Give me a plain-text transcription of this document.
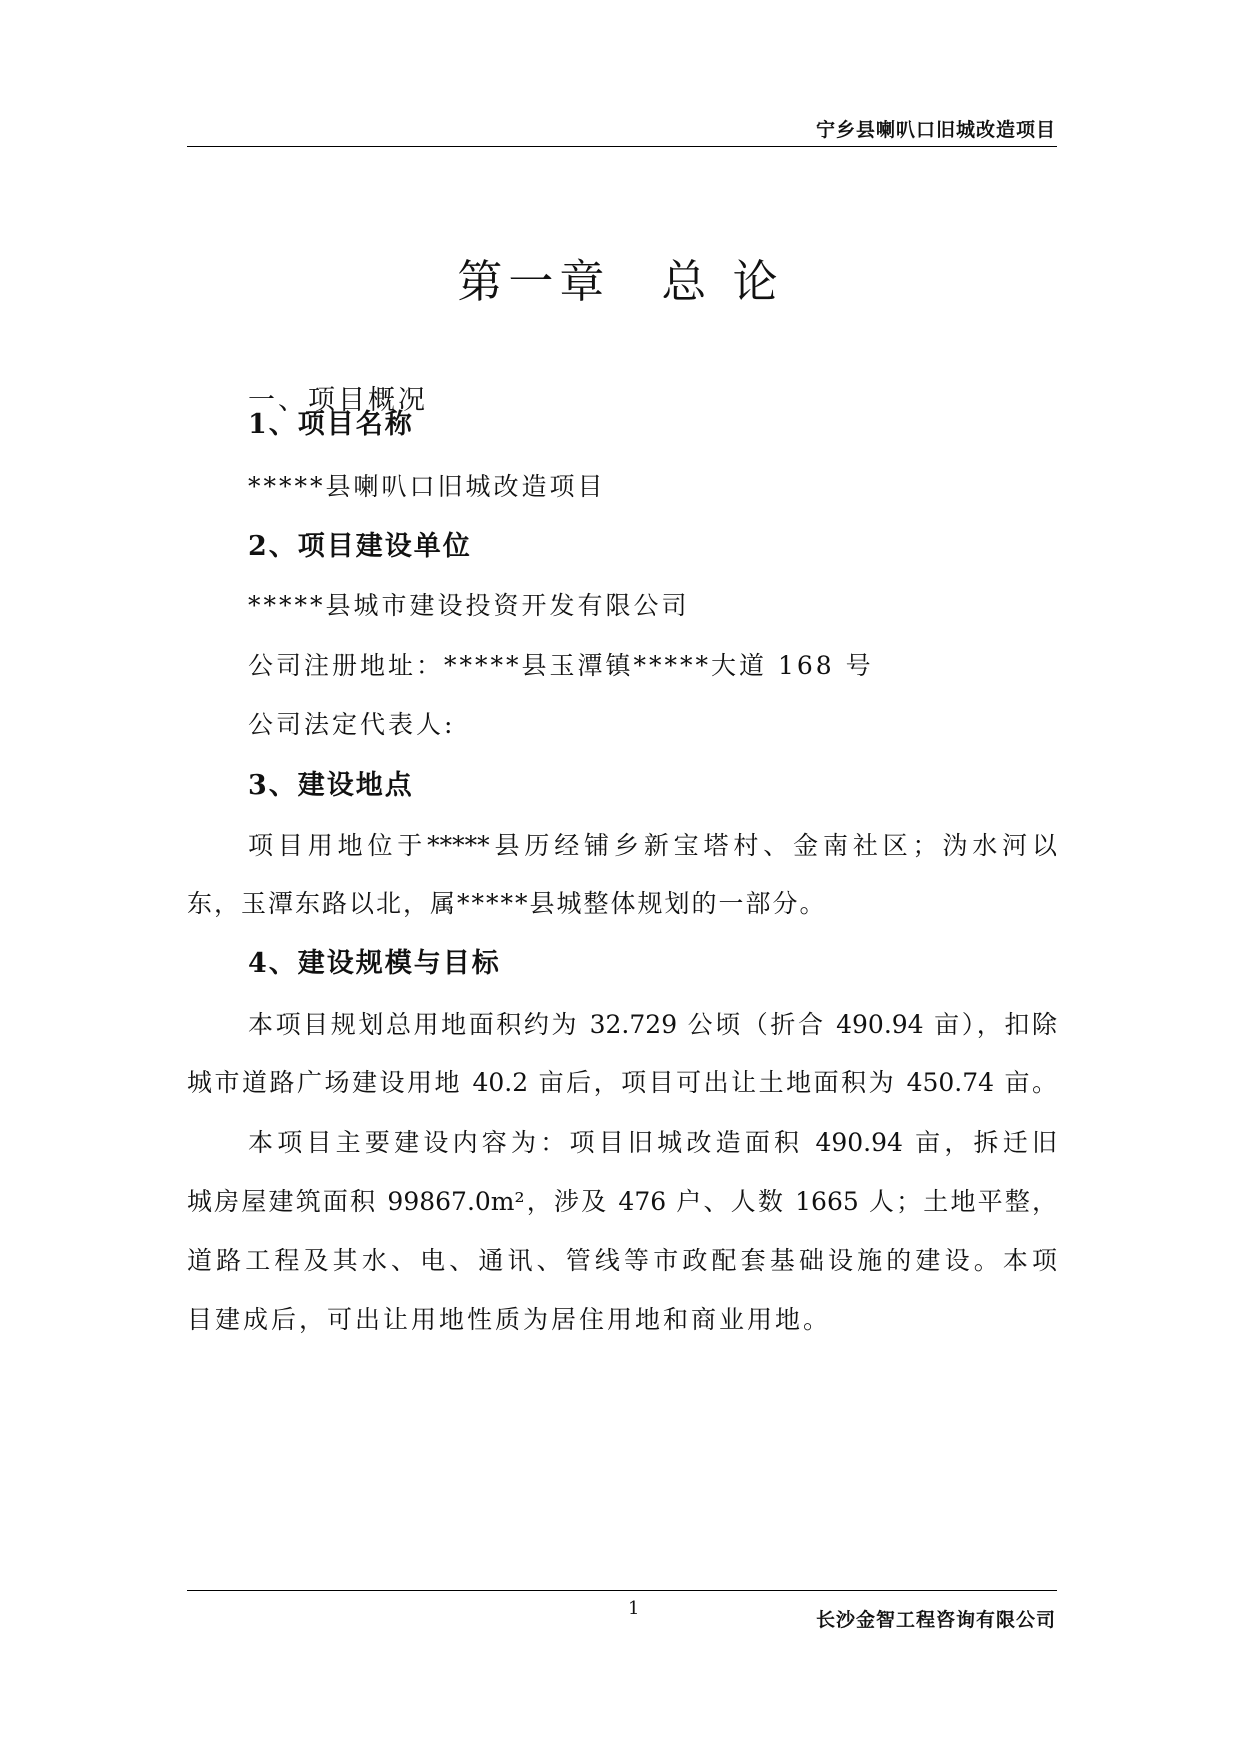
宁乡县喇叭口旧城改造项目
第一章　总 论
一、项目概况
1、项目名称
*****县喇叭口旧城改造项目
2、项目建设单位
*****县城市建设投资开发有限公司
公司注册地址：*****县玉潭镇*****大道 168 号
公司法定代表人:
3、建设地点
项目用地位于*****县历经铺乡新宝塔村、金南社区；沩水河以
东，玉潭东路以北，属*****县城整体规划的一部分。
4、建设规模与目标
本项目规划总用地面积约为 32.729 公顷（折合 490.94 亩），扣除
城市道路广场建设用地 40.2 亩后，项目可出让土地面积为 450.74 亩。
本项目主要建设内容为：项目旧城改造面积 490.94 亩，拆迁旧
城房屋建筑面积 99867.0m²，涉及 476 户、人数 1665 人；土地平整，
道路工程及其水、电、通讯、管线等市政配套基础设施的建设。本项
目建成后，可出让用地性质为居住用地和商业用地。
1
长沙金智工程咨询有限公司
